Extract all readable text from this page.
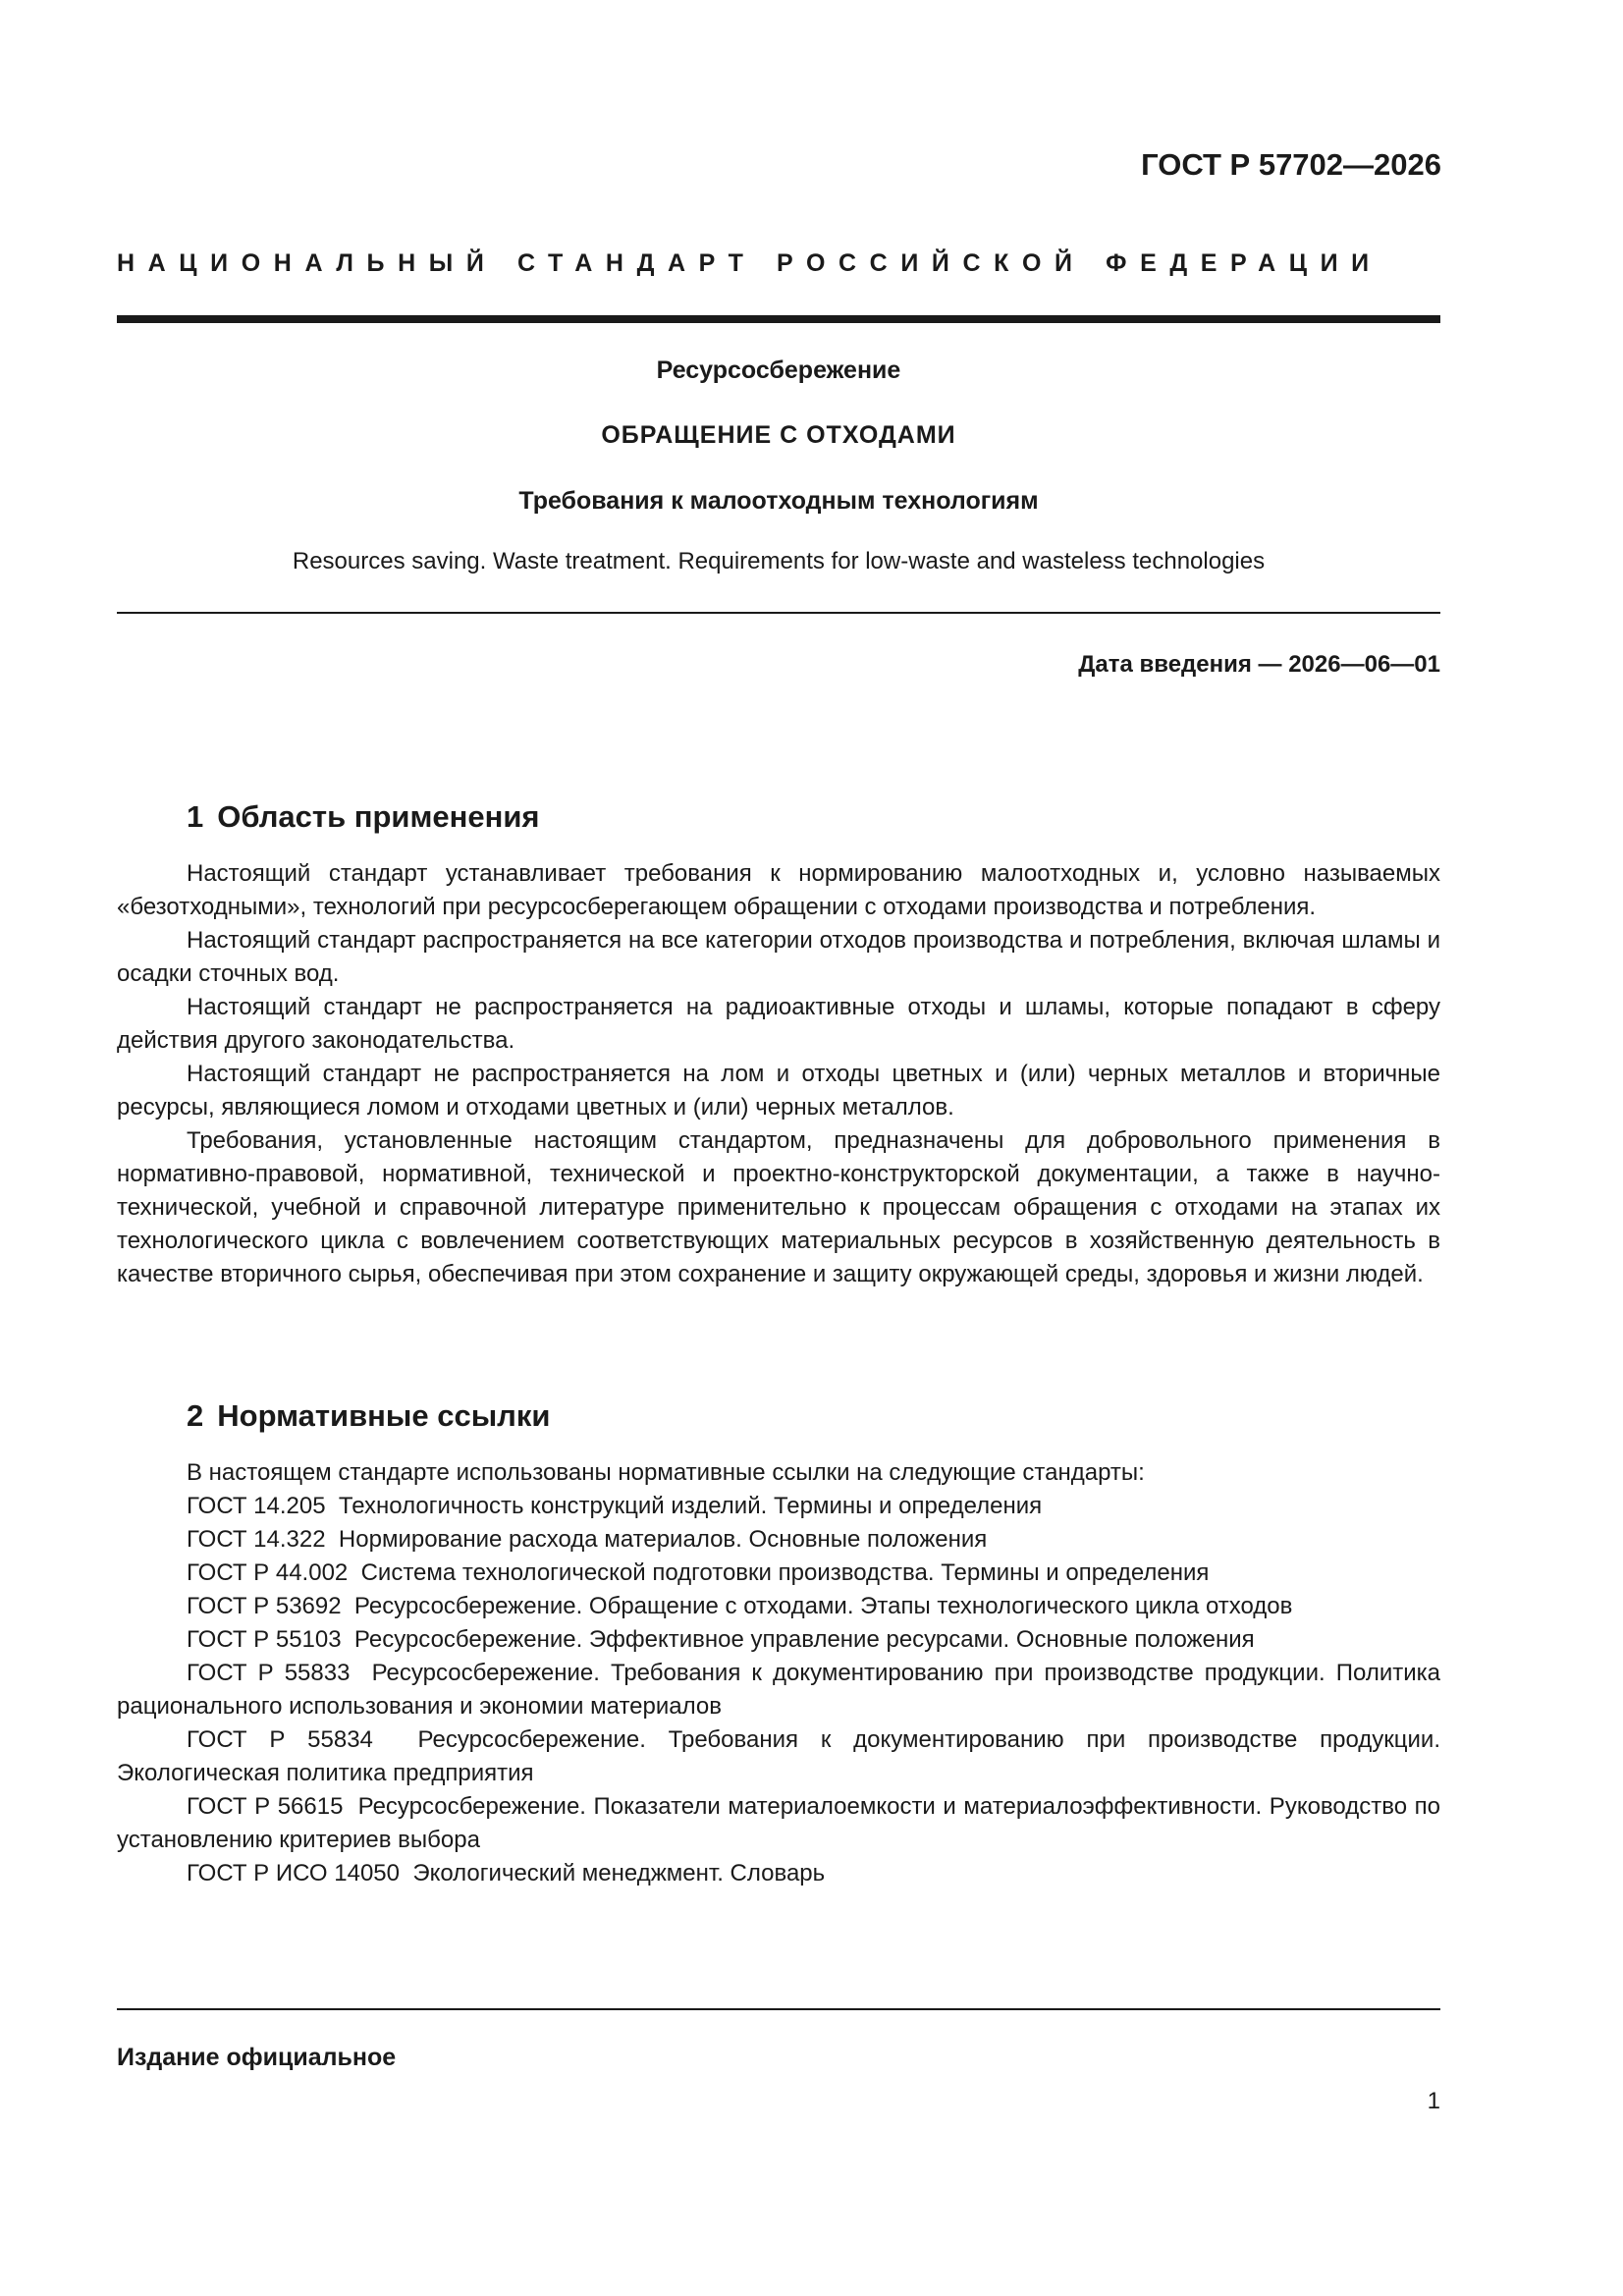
ГОСТ Р 57702—2026
НАЦИОНАЛЬНЫЙ СТАНДАРТ РОССИЙСКОЙ ФЕДЕРАЦИИ
Ресурсосбережение
ОБРАЩЕНИЕ С ОТХОДАМИ
Требования к малоотходным технологиям
Resources saving. Waste treatment. Requirements for low-waste and wasteless technologies
Дата введения — 2026—06—01
1 Область применения

Настоящий стандарт устанавливает требования к нормированию малоотходных и, условно называемых «безотходными», технологий при ресурсосберегающем обращении с отходами производства и потребления.

Настоящий стандарт распространяется на все категории отходов производства и потребления, включая шламы и осадки сточных вод.

Настоящий стандарт не распространяется на радиоактивные отходы и шламы, которые попадают в сферу действия другого законодательства.

Настоящий стандарт не распространяется на лом и отходы цветных и (или) черных металлов и вторичные ресурсы, являющиеся ломом и отходами цветных и (или) черных металлов.

Требования, установленные настоящим стандартом, предназначены для добровольного применения в нормативно-правовой, нормативной, технической и проектно-конструкторской документации, а также в научно-технической, учебной и справочной литературе применительно к процессам обращения с отходами на этапах их технологического цикла с вовлечением соответствующих материальных ресурсов в хозяйственную деятельность в качестве вторичного сырья, обеспечивая при этом сохранение и защиту окружающей среды, здоровья и жизни людей.

2 Нормативные ссылки

В настоящем стандарте использованы нормативные ссылки на следующие стандарты:

ГОСТ 14.205  Технологичность конструкций изделий. Термины и определения

ГОСТ 14.322  Нормирование расхода материалов. Основные положения

ГОСТ Р 44.002  Система технологической подготовки производства. Термины и определения

ГОСТ Р 53692  Ресурсосбережение. Обращение с отходами. Этапы технологического цикла отходов

ГОСТ Р 55103  Ресурсосбережение. Эффективное управление ресурсами. Основные положения

ГОСТ Р 55833  Ресурсосбережение. Требования к документированию при производстве продукции. Политика рационального использования и экономии материалов

ГОСТ Р 55834  Ресурсосбережение. Требования к документированию при производстве продукции. Экологическая политика предприятия

ГОСТ Р 56615  Ресурсосбережение. Показатели материалоемкости и материалоэффективности. Руководство по установлению критериев выбора

ГОСТ Р ИСО 14050  Экологический менеджмент. Словарь

Издание официальное
1
